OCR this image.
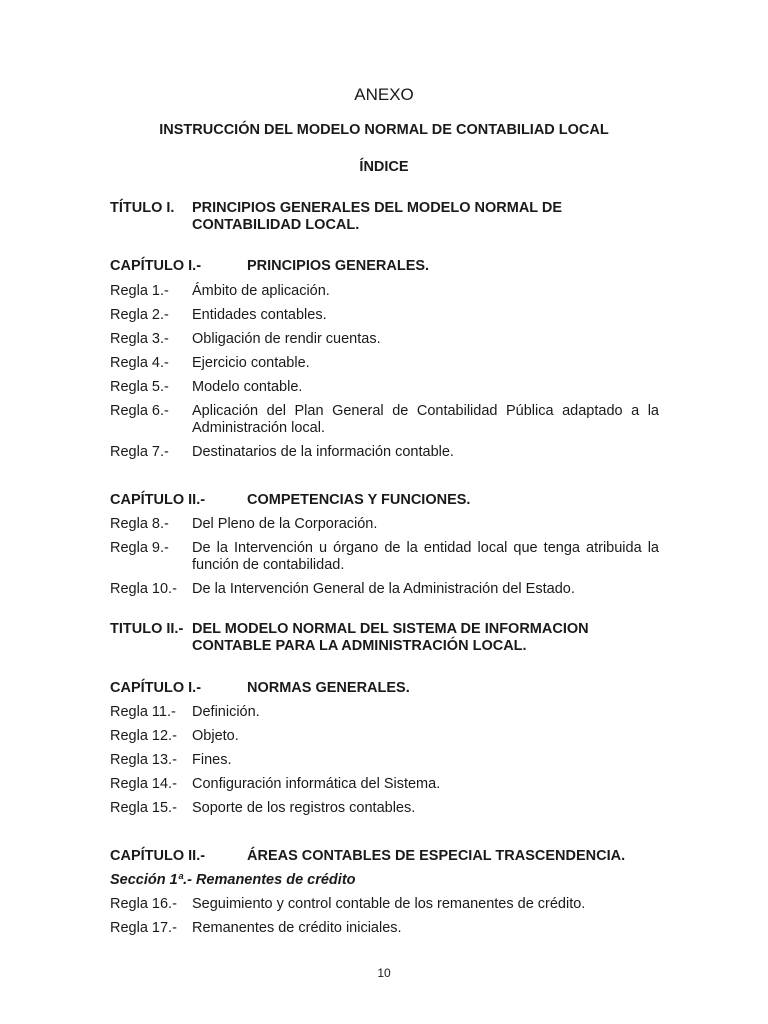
ANEXO
INSTRUCCIÓN DEL MODELO NORMAL DE CONTABILIAD LOCAL
ÍNDICE
TÍTULO I. PRINCIPIOS GENERALES DEL MODELO NORMAL DE CONTABILIDAD LOCAL.
CAPÍTULO I.-	PRINCIPIOS GENERALES.
Regla 1.- Ámbito de aplicación.
Regla 2.- Entidades contables.
Regla 3.- Obligación de rendir cuentas.
Regla 4.- Ejercicio contable.
Regla 5.- Modelo contable.
Regla 6.- Aplicación del Plan General de Contabilidad Pública adaptado a la Administración local.
Regla 7.- Destinatarios de la información contable.
CAPÍTULO II.-	COMPETENCIAS Y FUNCIONES.
Regla 8.- Del Pleno de la Corporación.
Regla 9.- De la Intervención u órgano de la entidad local que tenga atribuida la función de contabilidad.
Regla 10.- De la Intervención General de la Administración del Estado.
TITULO II.- DEL MODELO NORMAL DEL SISTEMA DE INFORMACION CONTABLE PARA LA ADMINISTRACIÓN LOCAL.
CAPÍTULO I.-	NORMAS GENERALES.
Regla 11.- Definición.
Regla 12.- Objeto.
Regla 13.- Fines.
Regla 14.- Configuración informática del Sistema.
Regla 15.- Soporte de los registros contables.
CAPÍTULO II.-	ÁREAS CONTABLES DE ESPECIAL TRASCENDENCIA.
Sección 1ª.- Remanentes de crédito
Regla 16.- Seguimiento y control contable de los remanentes de crédito.
Regla 17.- Remanentes de crédito iniciales.
10
